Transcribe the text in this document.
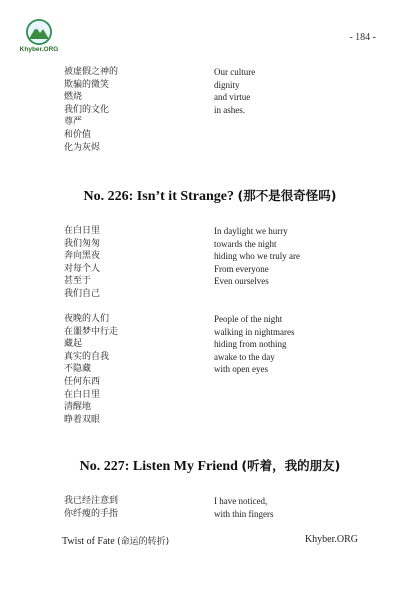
Khyber.ORG
- 184 -
被虚假之神的
欺骗的微笑
燃烧
我们的文化
尊严
和价值
化为灰烬
Our culture
dignity
and virtue
in ashes.
No. 226: Isn’t it Strange? (那不是很奇怪吗)
在白日里
我们匆匆
奔向黑夜
对每个人
甚至于
我们自己
In daylight we hurry
towards the night
hiding who we truly are
From everyone
Even ourselves
夜晚的人们
在噩梦中行走
藏起
真实的自我
不隐藏
任何东西
在白日里
清醒地
睁着双眼
People of the night
walking in nightmares
hiding from nothing
awake to the day
with open eyes
No. 227: Listen My Friend (听着，我的朋友)
我已经注意到
你纤瘦的手指
I have noticed,
with thin fingers
Twist of Fate (命运的转折)	Khyber.ORG
